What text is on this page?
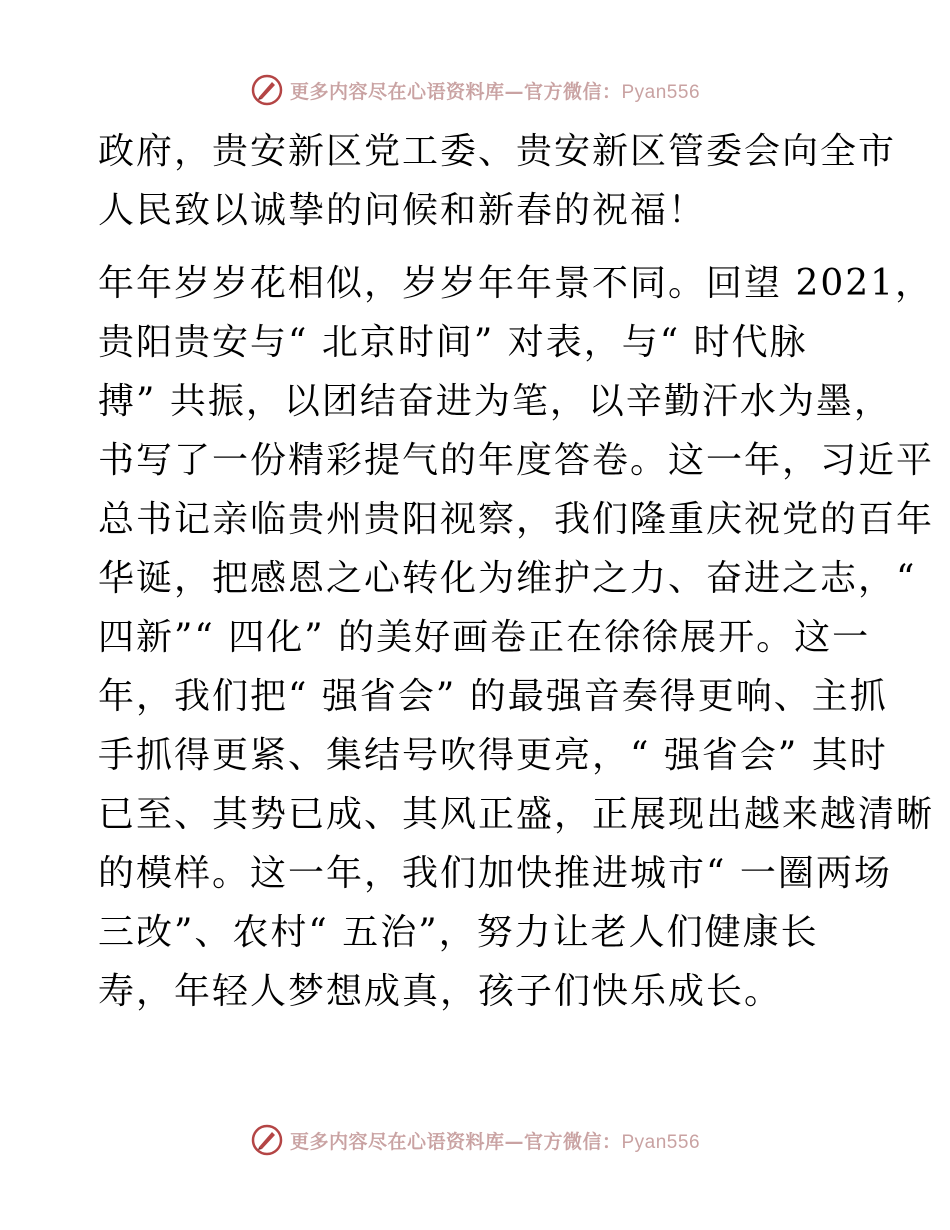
更多内容尽在心语资料库—官方微信：Pyan556

政府，贵安新区党工委、贵安新区管委会向全市
人民致以诚挚的问候和新春的祝福！

年年岁岁花相似，岁岁年年景不同。回望 2021，
贵阳贵安与“ 北京时间” 对表，与“ 时代脉
搏” 共振，以团结奋进为笔，以辛勤汗水为墨，
书写了一份精彩提气的年度答卷。这一年，习近平
总书记亲临贵州贵阳视察，我们隆重庆祝党的百年
华诞，把感恩之心转化为维护之力、奋进之志，“
四新”“ 四化” 的美好画卷正在徐徐展开。这一
年，我们把“ 强省会” 的最强音奏得更响、主抓
手抓得更紧、集结号吹得更亮，“ 强省会” 其时
已至、其势已成、其风正盛，正展现出越来越清晰
的模样。这一年，我们加快推进城市“ 一圈两场
三改”、农村“ 五治”，努力让老人们健康长
寿，年轻人梦想成真，孩子们快乐成长。

更多内容尽在心语资料库—官方微信：Pyan556
